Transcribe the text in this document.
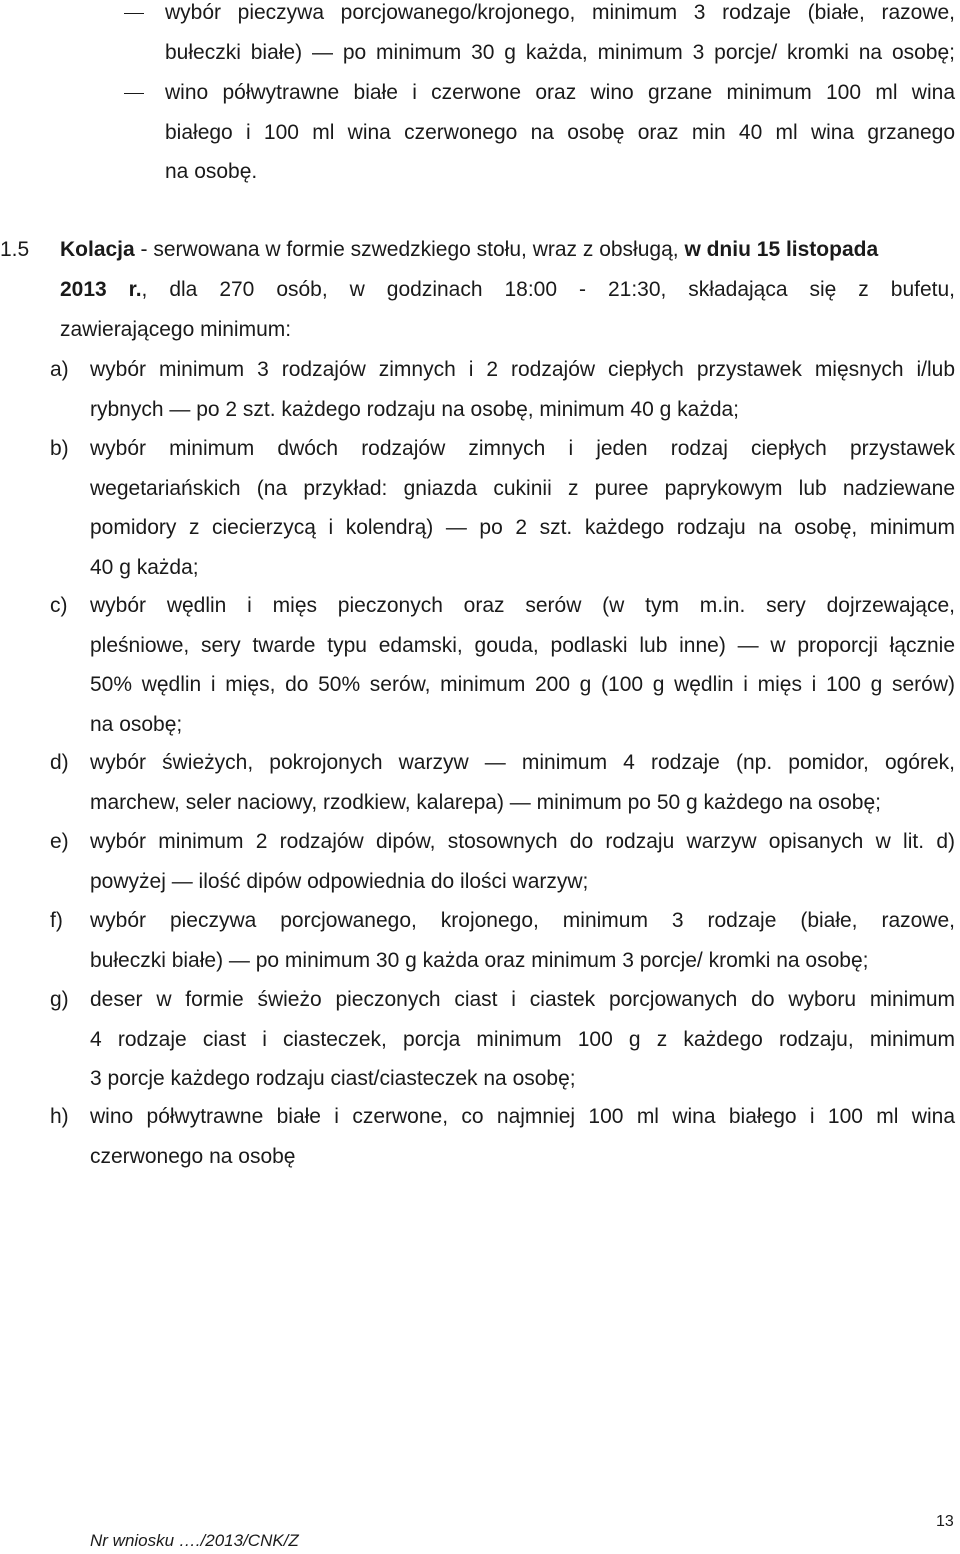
wybór pieczywa porcjowanego/krojonego, minimum 3 rodzaje (białe, razowe,
bułeczki białe) — po minimum 30 g każda, minimum 3 porcje/ kromki na osobę;
wino półwytrawne białe i czerwone oraz wino grzane minimum 100 ml wina
białego i 100 ml wina czerwonego na osobę oraz min 40 ml wina grzanego
na osobę.
1.5 Kolacja - serwowana w formie szwedzkiego stołu, wraz z obsługą, w dniu 15 listopada
2013 r., dla 270 osób, w godzinach 18:00 - 21:30, składająca się z bufetu,
zawierającego minimum:
a) wybór minimum 3 rodzajów zimnych i 2 rodzajów ciepłych przystawek mięsnych i/lub
rybnych — po 2 szt. każdego rodzaju na osobę, minimum 40 g każda;
b) wybór minimum dwóch rodzajów zimnych i jeden rodzaj ciepłych przystawek
wegetariańskich (na przykład: gniazda cukinii z puree paprykowym lub nadziewane
pomidory z ciecierzycą i kolendrą) — po 2 szt. każdego rodzaju na osobę, minimum
40 g każda;
c) wybór wędlin i mięs pieczonych oraz serów (w tym m.in. sery dojrzewające,
pleśniowe, sery twarde typu edamski, gouda, podlaski lub inne) — w proporcji łącznie
50% wędlin i mięs, do 50% serów, minimum 200 g (100 g wędlin i mięs i 100 g serów)
na osobę;
d) wybór świeżych, pokrojonych warzyw — minimum 4 rodzaje (np. pomidor, ogórek,
marchew, seler naciowy, rzodkiew, kalarepa) — minimum po 50 g każdego na osobę;
e) wybór minimum 2 rodzajów dipów, stosownych do rodzaju warzyw opisanych w lit. d)
powyżej — ilość dipów odpowiednia do ilości warzyw;
f) wybór pieczywa porcjowanego, krojonego, minimum 3 rodzaje (białe, razowe,
bułeczki białe) — po minimum 30 g każda oraz minimum 3 porcje/ kromki na osobę;
g) deser w formie świeżo pieczonych ciast i ciastek porcjowanych do wyboru minimum
4 rodzaje ciast i ciasteczek, porcja minimum 100 g z każdego rodzaju, minimum
3 porcje każdego rodzaju ciast/ciasteczek na osobę;
h) wino półwytrawne białe i czerwone, co najmniej 100 ml wina białego i 100 ml wina
czerwonego na osobę
Nr wniosku …./2013/CNK/Z
13
